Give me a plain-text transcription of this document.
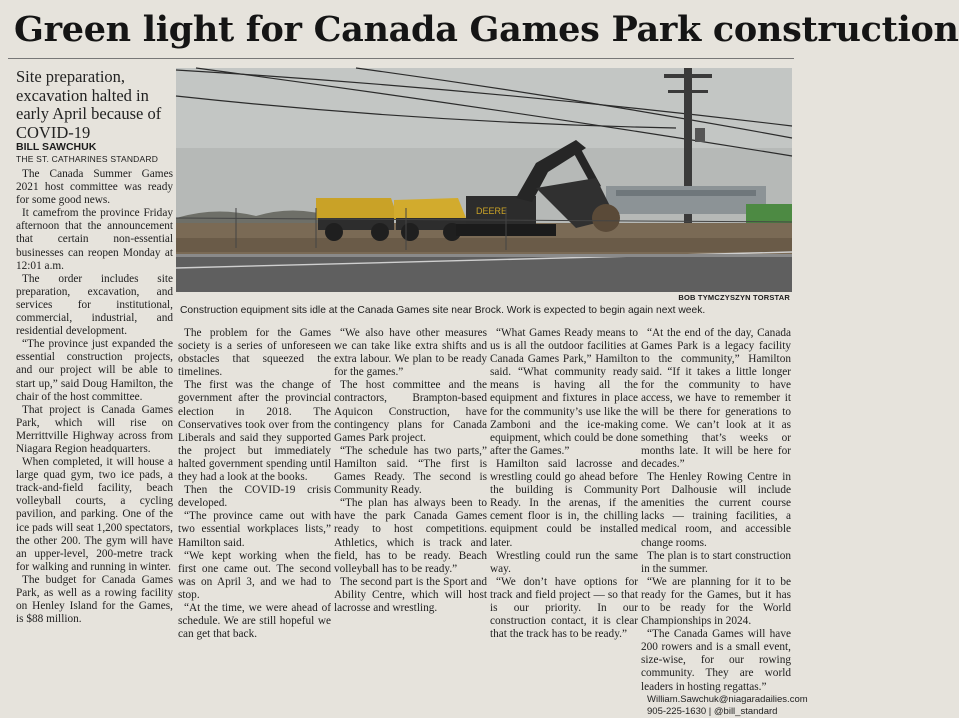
Green light for Canada Games Park construction
Site preparation, excavation halted in early April because of COVID-19
BILL SAWCHUK
THE ST. CATHARINES STANDARD
DEERE
BOB TYMCZYSZYN TORSTAR
Construction equipment sits idle at the Canada Games site near Brock. Work is expected to begin again next week.

The Canada Summer Games 2021 host committee was ready for some good news.

It camefrom the province Friday afternoon that the announcement that certain non-essential businesses can reopen Monday at 12:01 a.m.

The order includes site preparation, excavation, and services for institutional, commercial, industrial, and residential development.

“The province just expanded the essential construction projects, and our project will be able to start up,” said Doug Hamilton, the chair of the host committee.

That project is Canada Games Park, which will rise on Merrittville Highway across from Niagara Region headquarters.

When completed, it will house a large quad gym, two ice pads, a track-and-field facility, beach volleyball courts, a cycling pavilion, and parking. One of the ice pads will seat 1,200 spectators, the other 200. The gym will have an upper-level, 200-metre track for walking and running in winter.

The budget for Canada Games Park, as well as a rowing facility on Henley Island for the Games, is $88 million.

The problem for the Games society is a series of unforeseen obstacles that squeezed the timelines.

The first was the change of government after the provincial election in 2018. The Conservatives took over from the Liberals and said they supported the project but immediately halted government spending until they had a look at the books.

Then the COVID-19 crisis developed.

“The province came out with two essential workplaces lists,” Hamilton said.

“We kept working when the first one came out. The second was on April 3, and we had to stop.

“At the time, we were ahead of schedule. We are still hopeful we can get that back.

“We also have other measures we can take like extra shifts and extra labour. We plan to be ready for the games.”

The host committee and the contractors, Brampton-based Aquicon Construction, have contingency plans for Canada Games Park project.

“The schedule has two parts,” Hamilton said. “The first is Games Ready. The second is Community Ready.

“The plan has always been to have the park Canada Games ready to host competitions. Athletics, which is track and field, has to be ready. Beach volleyball has to be ready.”

The second part is the Sport and Ability Centre, which will host lacrosse and wrestling.

“What Games Ready means to us is all the outdoor facilities at Canada Games Park,” Hamilton said. “What community ready means is having all the equipment and fixtures in place for the community’s use like the Zamboni and the ice-making equipment, which could be done after the Games.”

Hamilton said lacrosse and wrestling could go ahead before the building is Community Ready. In the arenas, if the cement floor is in, the chilling equipment could be installed later.

Wrestling could run the same way.

“We don’t have options for track and field project — so that is our priority. In our construction contact, it is clear that the track has to be ready.”

“At the end of the day, Canada Games Park is a legacy facility to the community,” Hamilton said. “If it takes a little longer for the community to have access, we have to remember it will be there for generations to come. We can’t look at it as something that’s weeks or months late. It will be here for decades.”

The Henley Rowing Centre in Port Dalhousie will include amenities the current course lacks — training facilities, a medical room, and accessible change rooms.

The plan is to start construction in the summer.

“We are planning for it to be ready for the Games, but it has to be ready for the World Championships in 2024.

“The Canada Games will have 200 rowers and is a small event, size-wise, for our rowing community. They are world leaders in hosting regattas.”

William.Sawchuk@niagaradailies.com

905-225-1630 | @bill_standard
